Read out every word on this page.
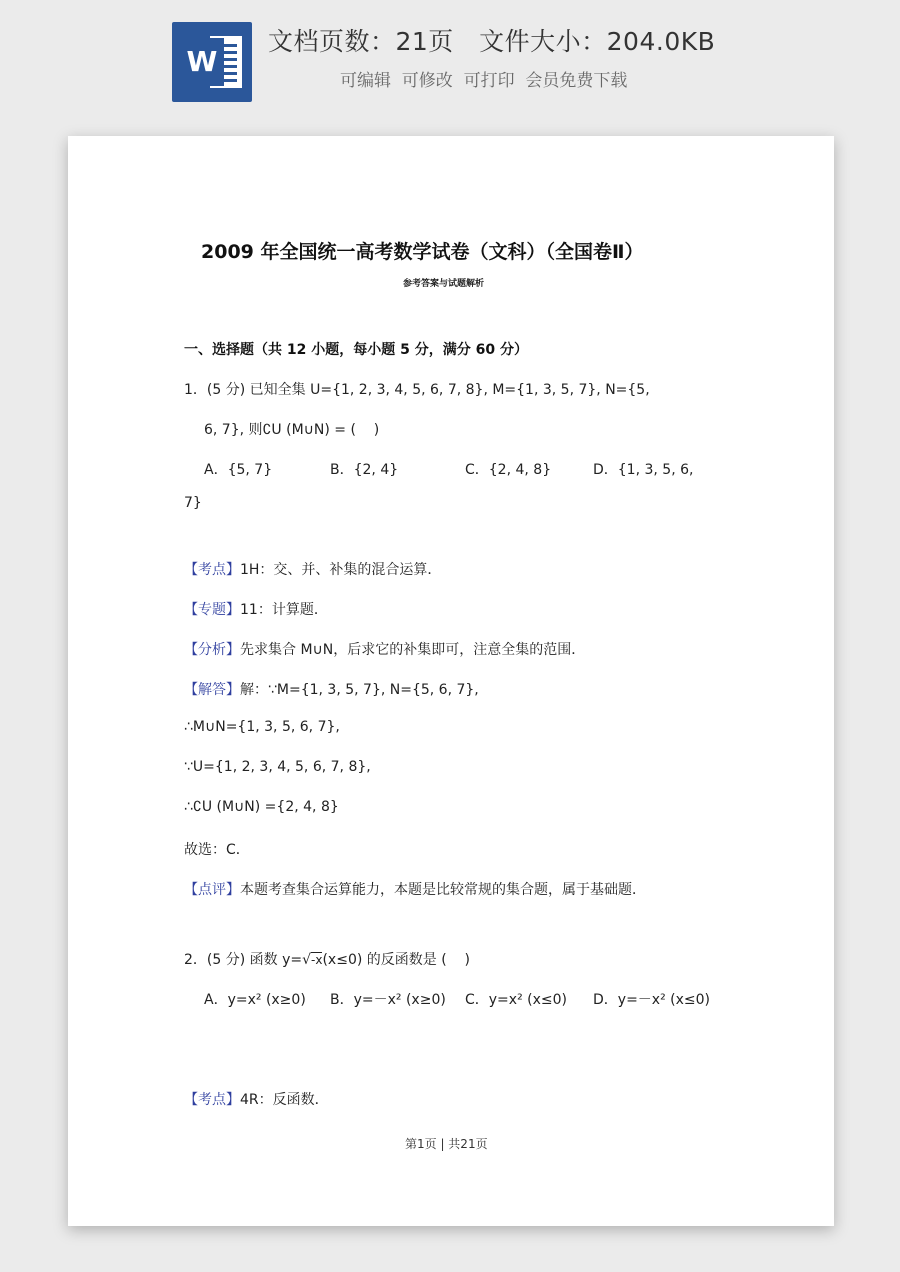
W
文档页数：21页   文件大小：204.0KB
可编辑  可修改  可打印  会员免费下载
2009 年全国统一高考数学试卷（文科）（全国卷Ⅱ）
参考答案与试题解析
一、选择题（共 12 小题，每小题 5 分，满分 60 分）
1．(5 分) 已知全集 U={1, 2, 3, 4, 5, 6, 7, 8}, M={1, 3, 5, 7}, N={5,
6, 7}, 则∁U (M∪N) = (    )
A．{5, 7}	B．{2, 4}	C．{2, 4, 8}	D．{1, 3, 5, 6,
7}
【考点】1H：交、并、补集的混合运算．
【专题】11：计算题．
【分析】先求集合 M∪N，后求它的补集即可，注意全集的范围．
【解答】解：∵M={1, 3, 5, 7}, N={5, 6, 7},
∴M∪N={1, 3, 5, 6, 7},
∵U={1, 2, 3, 4, 5, 6, 7, 8},
∴∁U (M∪N) ={2, 4, 8}
故选：C．
【点评】本题考查集合运算能力，本题是比较常规的集合题，属于基础题．
2．(5 分) 函数 y=√-x(x≤0) 的反函数是 (    )
A．y=x² (x≥0) B．y=－x² (x≥0) C．y=x² (x≤0) D．y=－x² (x≤0)
【考点】4R：反函数．
第1页 | 共21页
